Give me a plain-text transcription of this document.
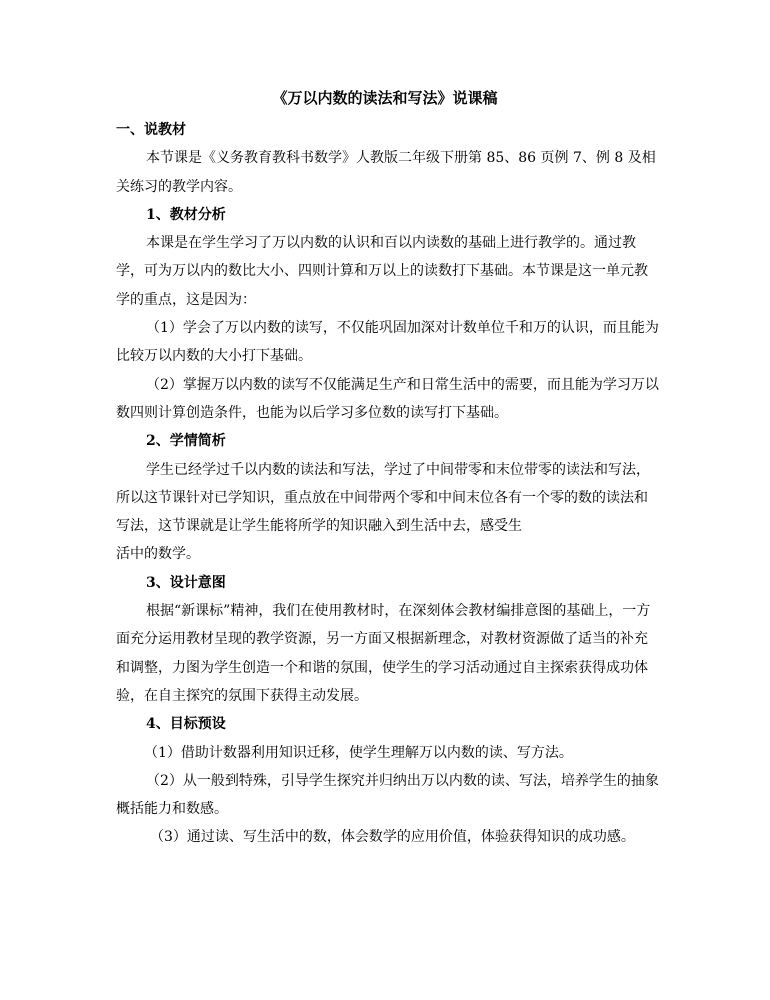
《万以内数的读法和写法》说课稿

一、说教材

本节课是《义务教育教科书数学》人教版二年级下册第 85、86 页例 7、例 8 及相关练习的教学内容。

1、教材分析

本课是在学生学习了万以内数的认识和百以内读数的基础上进行教学的。通过教学，可为万以内的数比大小、四则计算和万以上的读数打下基础。本节课是这一单元教学的重点，这是因为：

（1）学会了万以内数的读写，不仅能巩固加深对计数单位千和万的认识，而且能为比较万以内数的大小打下基础。

（2）掌握万以内数的读写不仅能满足生产和日常生活中的需要，而且能为学习万以数四则计算创造条件，也能为以后学习多位数的读写打下基础。

2、学情简析

学生已经学过千以内数的读法和写法，学过了中间带零和末位带零的读法和写法，所以这节课针对已学知识，重点放在中间带两个零和中间末位各有一个零的数的读法和写法，这节课就是让学生能将所学的知识融入到生活中去，感受生

活中的数学。

3、设计意图

根据“新课标”精神，我们在使用教材时，在深刻体会教材编排意图的基础上，一方面充分运用教材呈现的教学资源，另一方面又根据新理念，对教材资源做了适当的补充和调整，力图为学生创造一个和谐的氛围，使学生的学习活动通过自主探索获得成功体验，在自主探究的氛围下获得主动发展。

4、目标预设

（1）借助计数器利用知识迁移，使学生理解万以内数的读、写方法。

（2）从一般到特殊，引导学生探究并归纳出万以内数的读、写法，培养学生的抽象概括能力和数感。

（3）通过读、写生活中的数，体会数学的应用价值，体验获得知识的成功感。
